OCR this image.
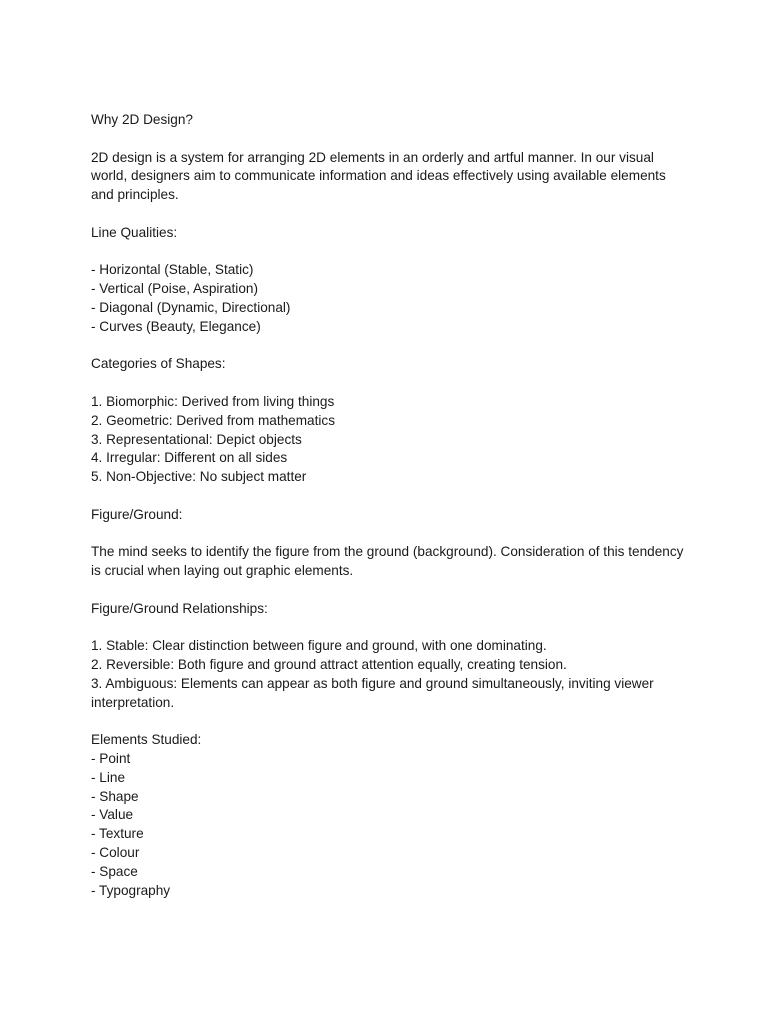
Why 2D Design?

2D design is a system for arranging 2D elements in an orderly and artful manner. In our visual world, designers aim to communicate information and ideas effectively using available elements and principles.

Line Qualities:

- Horizontal (Stable, Static)
- Vertical (Poise, Aspiration)
- Diagonal (Dynamic, Directional)
- Curves (Beauty, Elegance)

Categories of Shapes:

1. Biomorphic: Derived from living things
2. Geometric: Derived from mathematics
3. Representational: Depict objects
4. Irregular: Different on all sides
5. Non-Objective: No subject matter

Figure/Ground:

The mind seeks to identify the figure from the ground (background). Consideration of this tendency is crucial when laying out graphic elements.

Figure/Ground Relationships:

1. Stable: Clear distinction between figure and ground, with one dominating.

2. Reversible: Both figure and ground attract attention equally, creating tension.

3. Ambiguous: Elements can appear as both figure and ground simultaneously, inviting viewer interpretation.

Elements Studied:

- Point
- Line
- Shape
- Value
- Texture
- Colour
- Space
- Typography
